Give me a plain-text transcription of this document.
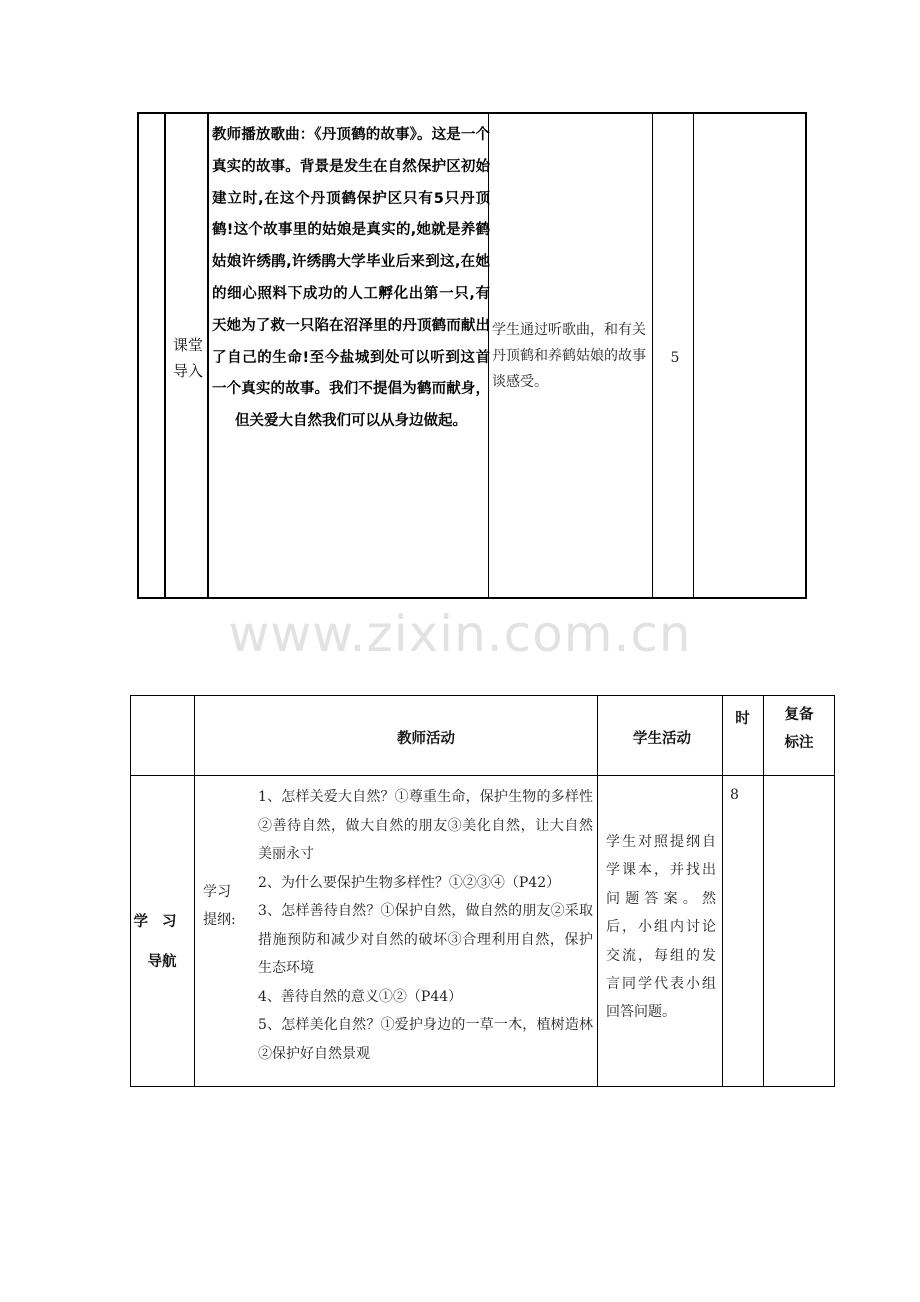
课堂导入
教师播放歌曲：《丹顶鹤的故事》。这是一个真实的故事。背景是发生在自然保护区初始建立时,在这个丹顶鹤保护区只有5只丹顶鹤!这个故事里的姑娘是真实的,她就是养鹤姑娘许绣鹃,许绣鹃大学毕业后来到这,在她的细心照料下成功的人工孵化出第一只,有天她为了救一只陷在沼泽里的丹顶鹤而献出了自己的生命!至今盐城到处可以听到这首一个真实的故事。我们不提倡为鹤而献身，但关爱大自然我们可以从身边做起。
学生通过听歌曲，和有关丹顶鹤和养鹤姑娘的故事谈感受。
5
www.zixin.com.cn
教师活动	学生活动
时	复备
标注
学习
导航
学习提纲:
1、怎样关爱大自然？①尊重生命，保护生物的多样性②善待自然，做大自然的朋友③美化自然，让大自然美丽永寸
2、为什么要保护生物多样性？①②③④（P42）
3、怎样善待自然？①保护自然，做自然的朋友②采取措施预防和减少对自然的破坏③合理利用自然，保护生态环境
4、善待自然的意义①②（P44）
5、怎样美化自然？①爱护身边的一草一木，植树造林②保护好自然景观
学生对照提纲自学课本，并找出问题答案。然后，小组内讨论交流，每组的发言同学代表小组回答问题。
8
